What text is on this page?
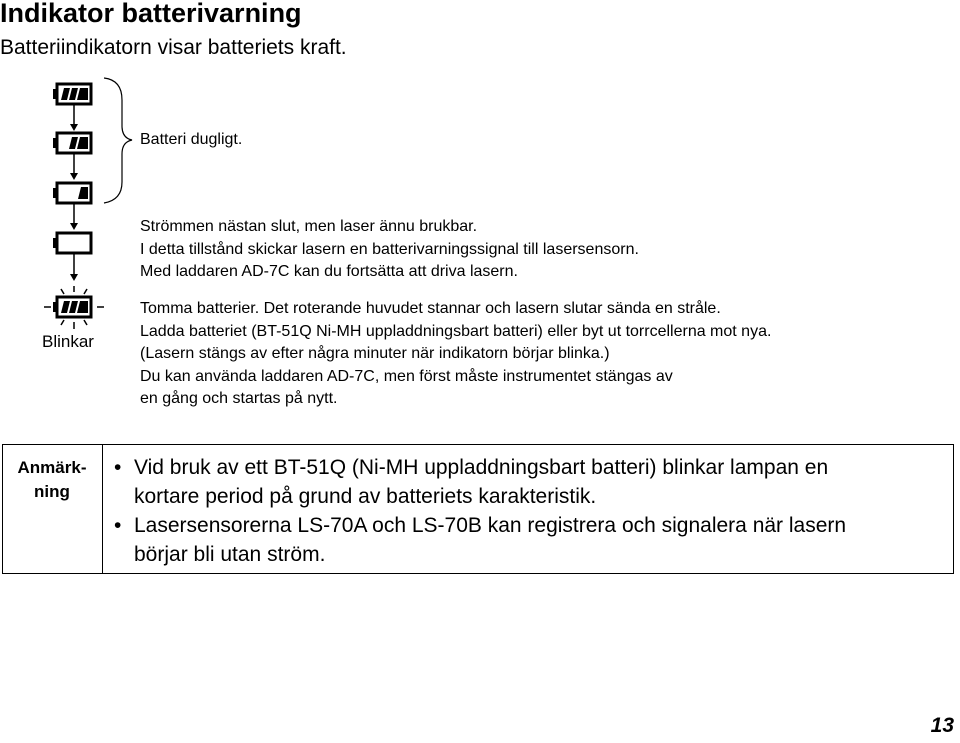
Indikator batterivarning
Batteriindikatorn visar batteriets kraft.
Batteri dugligt.
Strömmen nästan slut, men laser ännu brukbar.
I detta tillstånd skickar lasern en batterivarningssignal till lasersensorn.
Med laddaren AD-7C kan du fortsätta att driva lasern.
Tomma batterier. Det roterande huvudet stannar och lasern slutar sända en stråle.
Ladda batteriet (BT-51Q Ni-MH uppladdningsbart batteri) eller byt ut torrcellerna mot nya.
(Lasern stängs av efter några minuter när indikatorn börjar blinka.)
Du kan använda laddaren AD-7C, men först måste instrumentet stängas av
en gång och startas på nytt.
Blinkar
Anmärk-
ning
• Vid bruk av ett BT-51Q (Ni-MH uppladdningsbart batteri) blinkar lampan en
kortare period på grund av batteriets karakteristik.
• Lasersensorerna LS-70A och LS-70B kan registrera och signalera när lasern
börjar bli utan ström.
13
